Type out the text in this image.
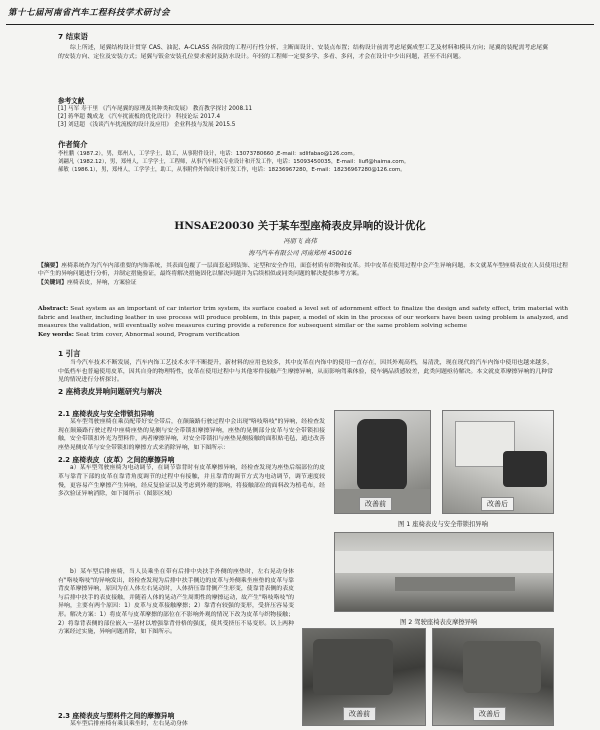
第十七届河南省汽车工程科技学术研讨会
7 结束语
综上所述，尾翼结构设计贯穿 CAS、油泥、A-CLASS 各阶段的工程可行性分析、主断面设计、安装点布置；结构设计前需考虑尾翼成型工艺及材料和模具方向；尾翼的装配需考虑尾翼的安装方向、定位及安装方式；尾翼与钣金安装孔位要求密封及防水设计。年轻的工程师一定要多学、多看、多问，才会在设计中少出问题，甚至不出问题。
参考文献
[1] 马军 寿干里 《汽车尾翼的原理及其种类和发展》 教育教学探讨 2008.11
[2] 蒋华超 魏成龙 《汽车扰流板的优化设计》 科技论坛 2017.4
[3] 刘廷超 《浅谈汽车扰流板的设计及应用》 企业科技与发展 2015.5
作者简介
李杜鹏（1987.2），男，郑州人，工学学士，助工，从事附件设计，电话：13073780660 ,E-mail：sdlifabao@126.com。
刘翩凡（1982.12），男，郑州人，工学学士，工程师，从事汽车相关专业设计和开发工作，电话：15093450035，E-mail：liufl@haima.com。
郝敏（1986.1），男，郑州人，工学学士，助工，从事附件外饰设计和开发工作，电话：18236967280，E-mail：18236967280@126.com。
HNSAE20030 关于某车型座椅表皮异响的设计优化
冯朋飞 高伟
海马汽车有限公司 河南郑州 450016
【摘要】座椅系统作为汽车内部重要的内饰系统，其表面包覆了一层面套起到装饰、定型和安全作用，面套材质有织物和皮革。其中皮革在使用过程中会产生异响问题，本文就某车型座椅表皮在人员使用过程中产生的异响问题进行分析，并制定措施验证，最终将解决措施固化以解决问题并为后续相似或同类问题的解决提供参考方案。
【关键词】座椅表皮，异响，方案验证
Abstract: Seat system as an important of car interior trim system, its surface coated a level set of adornment effect to finalize the design and safety effect, trim material with fabric and leather, including leather in use process will produce problem, in this paper, a model of skin in the process of our workers have been using problem is analyzed, and measures the validation, will eventually solve measures curing provide a reference for subsequent similar or the same problem solving scheme
Key words: Seat trim cover, Abnormal sound, Program verification
1 引言
当今汽车技术不断发展，汽车内饰工艺技术水平不断提升，新材料的应用也较多，其中皮革在内饰中的使用一直存在，因其外观高档，易清洗，现在现代的汽车内饰中使用也越来越多，中低档车也普遍使用皮革，因其自身的物理特性，皮革在使用过程中与其他零件接触产生摩擦异响，从而影响驾乘体验，使车辆品质感较差，此类问题亟待解决。本文就皮革摩擦异响的几种常见的情况进行分析探讨。
2 座椅表皮异响问题研究与解决
2.1 座椅表皮与安全带锁扣异响
某车型驾驶座椅在乘员配带好安全带后，在颠簸路行驶过程中会出现"咯吱咯吱"的异响，经检查发现在颠簸路行驶过程中座椅座垫的晃侧与安全带锁扣摩擦异响，座垫的晃侧部分皮革与安全带锁扣接触，安全带锁扣外光为塑料件，两者摩擦异响，对安全带锁扣与座垫晃侧接触的面积贴毛毡，通过改善座垫晃侧皮革与安全带锁扣的摩擦方式来消除异响，如下图所示：
2.2 座椅表皮（皮革）之间的摩擦异响
a）某车型驾驶座椅为电动调节，在调节靠背时有皮革摩擦异响，经检查发现为座垫后端部位的皮革与靠背下部的皮革在靠背角度调节的过程中有接触，并且靠背的调节方式为电动调节，调节速度较慢，更容易产生摩擦产生异响，经反复验证以及考虑到外观的影响，将接触部位的面料改为植毛布，经多次验证异响消除，如下图所示（图影区域）
b）某车型后排座椅，当人员乘坐在带有后排中央扶手外侧的座垫时，左右晃动身体有"咯吱咯吱"的异响发出，经检查发现为后排中扶手侧边的皮革与外侧乘坐座垫的皮革与靠背皮革摩擦异响，原因为在人体左右晃动时，人体挤压靠背侧产生形变，使靠背表侧的表皮与后排中扶手的表皮接触，并随着人体的晃动产生周期性的摩擦运动，故产生"咯吱咯吱"的异响，主要有两个原因：1）皮革与皮革接触摩擦；2）靠背有较强的变形，受挤压容易变形。解决方案：1）将皮革与皮革摩擦的部位在不影响外观的情况下改为皮革与织物接触；2）将靠背表侧的部位嵌入一基材以增强靠背骨格的强度，使其受挤压不易变形。以上两种方案经过实施，异响问题消除，如下图所示。
改善前	改善后
图 1 座椅表皮与安全带锁扣异响
图 2 驾驶座椅表皮摩擦异响
改善前	改善后
2.3 座椅表皮与塑料件之间的摩擦异响
某车型后排座椅有乘员乘坐时，左右晃动身体
